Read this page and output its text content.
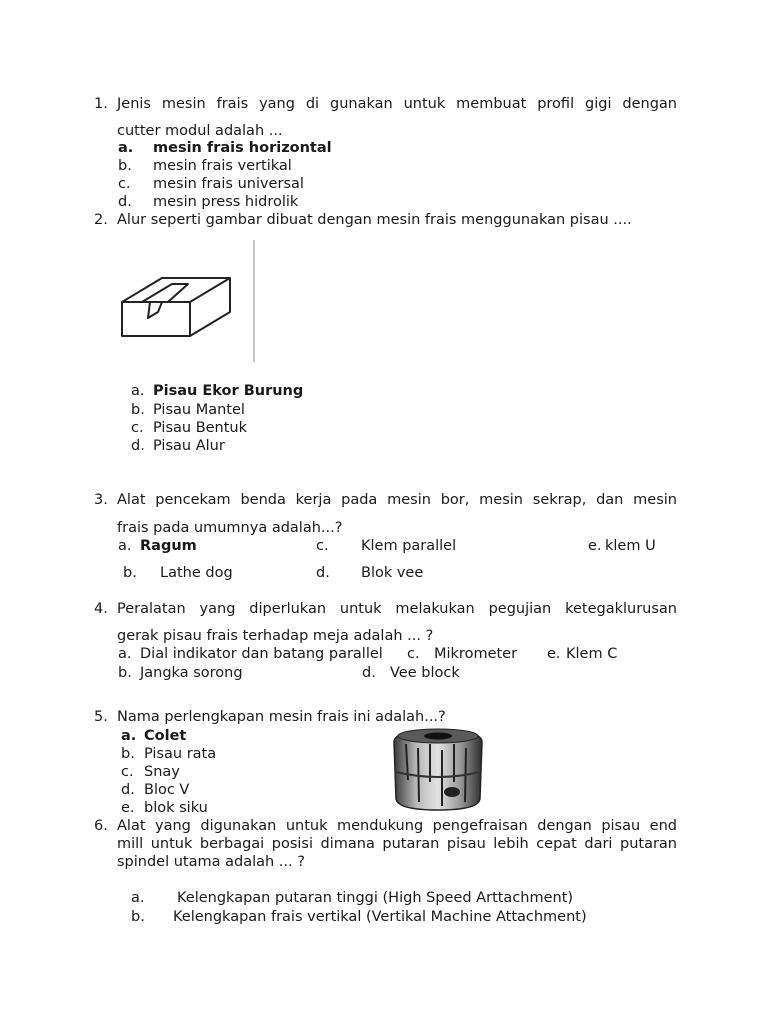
1. Jenis mesin frais yang di gunakan untuk membuat profil gigi dengan
cutter modul adalah ...
a. mesin frais horizontal
b. mesin frais vertikal
c. mesin frais universal
d. mesin press hidrolik
2. Alur seperti gambar dibuat dengan mesin frais menggunakan pisau ....
a. Pisau Ekor Burung
b. Pisau Mantel
c. Pisau Bentuk
d. Pisau Alur
3. Alat pencekam benda kerja pada mesin bor, mesin sekrap, dan mesin
frais pada umumnya adalah...?
a. Ragum	c. Klem parallel	e. klem U
b. Lathe dog	d. Blok vee
4. Peralatan yang diperlukan untuk melakukan pegujian ketegaklurusan
gerak pisau frais terhadap meja adalah ... ?
a. Dial indikator dan batang parallel c. Mikrometer e. Klem C
b. Jangka sorong	d. Vee block
5. Nama perlengkapan mesin frais ini adalah...?
a. Colet
b. Pisau rata
c. Snay
d. Bloc V
e. blok siku
6. Alat yang digunakan untuk mendukung pengefraisan dengan pisau end
mill untuk berbagai posisi dimana putaran pisau lebih cepat dari putaran
spindel utama adalah ... ?
a. Kelengkapan putaran tinggi (High Speed Arttachment)
b. Kelengkapan frais vertikal (Vertikal Machine Attachment)
